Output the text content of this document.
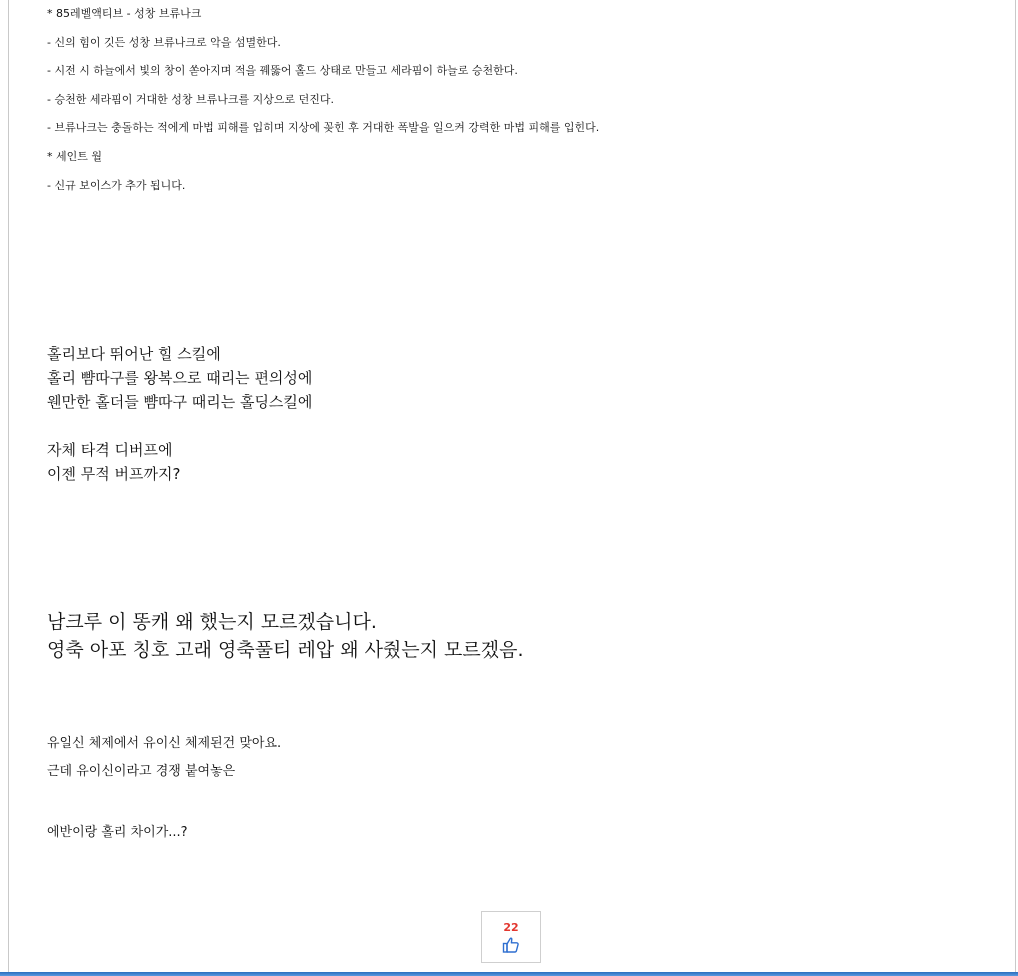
* 85레벨액티브 - 성창 브류나크
- 신의 힘이 깃든 성창 브류나크로 악을 섬멸한다.
- 시전 시 하늘에서 빛의 창이 쏟아지며 적을 꿰뚫어 홀드 상태로 만들고 세라핌이 하늘로 승천한다.
- 승천한 세라핌이 거대한 성창 브류나크를 지상으로 던진다.
- 브류나크는 충돌하는 적에게 마법 피해를 입히며 지상에 꽂힌 후 거대한 폭발을 일으켜 강력한 마법 피해를 입힌다.
* 세인트 월
- 신규 보이스가 추가 됩니다.
홀리보다 뛰어난 힐 스킬에
홀리 뺨따구를 왕복으로 때리는 편의성에
웬만한 홀더들 뺨따구 때리는 홀딩스킬에
자체 타격 디버프에
이젠 무적 버프까지?
남크루 이 똥캐 왜 했는지 모르겠습니다.
영축 아포 칭호 고래 영축풀티 레압 왜 사줬는지 모르겠음.
유일신 체제에서 유이신 체제된건 맞아요.
근데 유이신이라고 경쟁 붙여놓은
에반이랑 홀리 차이가...?
22
